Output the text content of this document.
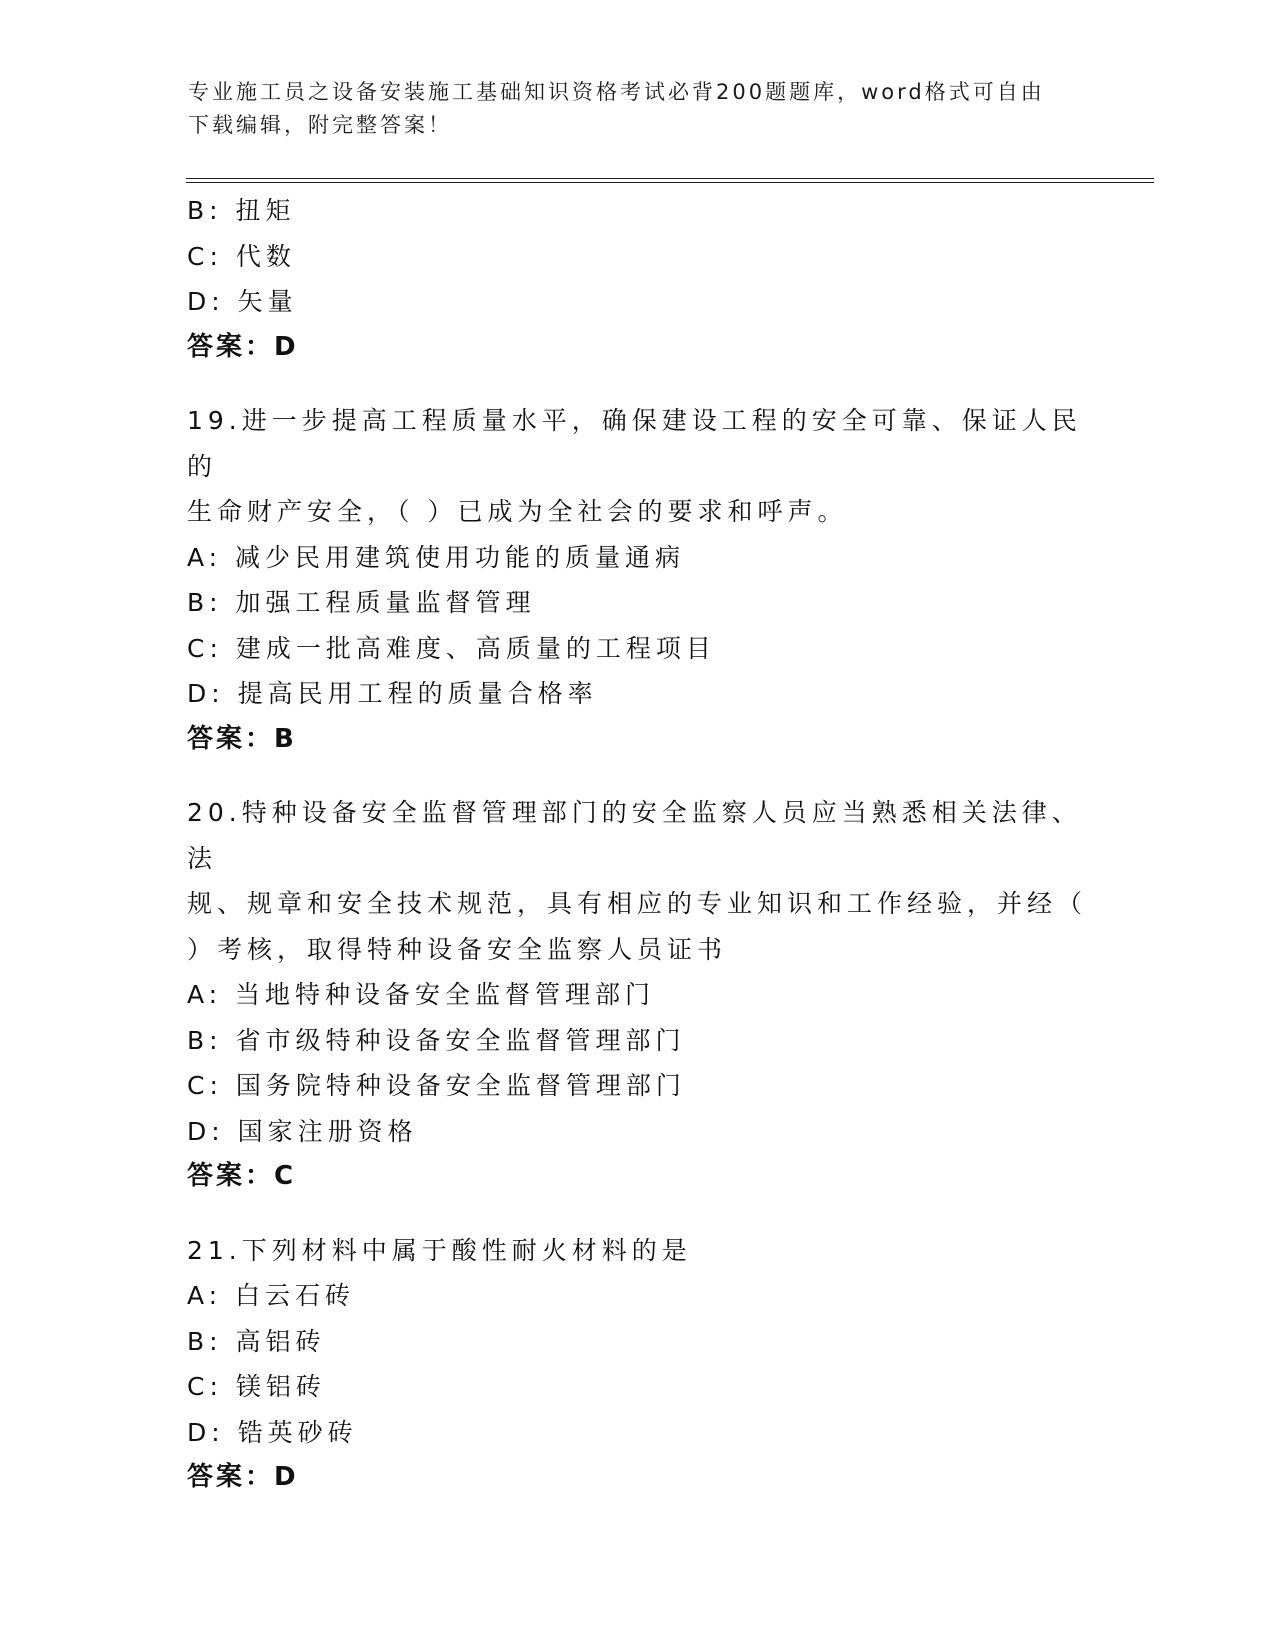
专业施工员之设备安装施工基础知识资格考试必背200题题库，word格式可自由
下载编辑，附完整答案！
B: 扭矩
C: 代数
D: 矢量
答案：D
19.进一步提高工程质量水平，确保建设工程的安全可靠、保证人民的
生命财产安全，（ ）已成为全社会的要求和呼声。
A: 减少民用建筑使用功能的质量通病
B: 加强工程质量监督管理
C: 建成一批高难度、高质量的工程项目
D: 提高民用工程的质量合格率
答案：B
20.特种设备安全监督管理部门的安全监察人员应当熟悉相关法律、法
规、规章和安全技术规范，具有相应的专业知识和工作经验，并经（
）考核，取得特种设备安全监察人员证书
A: 当地特种设备安全监督管理部门
B: 省市级特种设备安全监督管理部门
C: 国务院特种设备安全监督管理部门
D: 国家注册资格
答案：C
21.下列材料中属于酸性耐火材料的是
A: 白云石砖
B: 高铝砖
C: 镁铝砖
D: 锆英砂砖
答案：D
